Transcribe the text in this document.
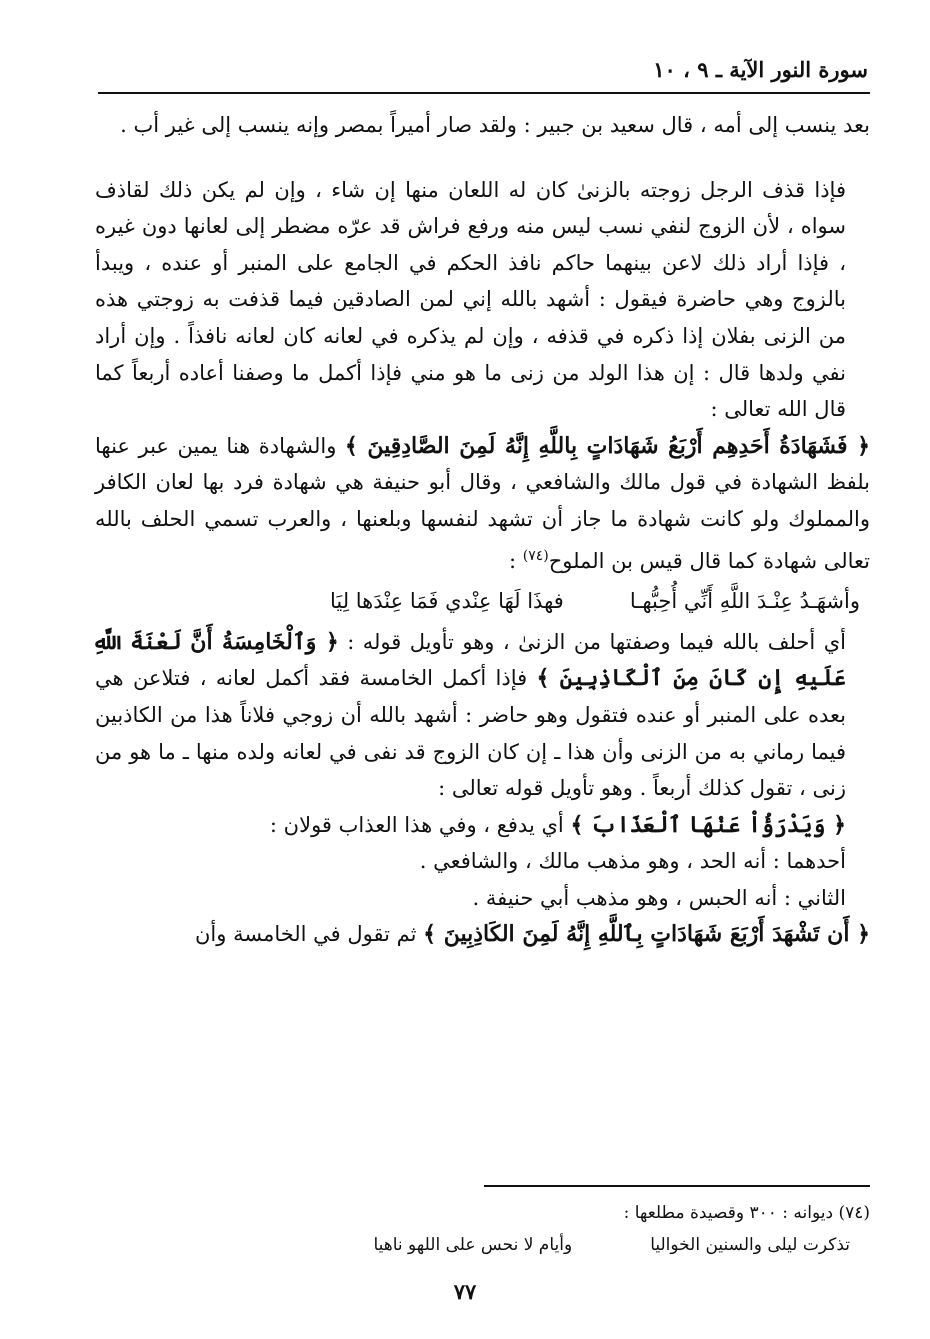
سورة النور الآية ـ ٩ ، ١٠

بعد ينسب إلى أمه ، قال سعيد بن جبير : ولقد صار أميراً بمصر وإنه ينسب إلى غير أب .

فإذا قذف الرجل زوجته بالزنىٰ كان له اللعان منها إن شاء ، وإن لم يكن ذلك لقاذف سواه ، لأن الزوج لنفي نسب ليس منه ورفع فراش قد عرّه مضطر إلى لعانها دون غيره ، فإذا أراد ذلك لاعن بينهما حاكم نافذ الحكم في الجامع على المنبر أو عنده ، ويبدأ بالزوج وهي حاضرة فيقول : أشهد بالله إني لمن الصادقين فيما قذفت به زوجتي هذه من الزنى بفلان إذا ذكره في قذفه ، وإن لم يذكره في لعانه كان لعانه نافذاً . وإن أراد نفي ولدها قال : إن هذا الولد من زنى ما هو مني فإذا أكمل ما وصفنا أعاده أربعاً كما قال الله تعالى :

﴿ فَشَهَادَةُ أَحَدِهِم أَرْبَعُ شَهَادَاتٍ بِاللَّهِ إِنَّهُ لَمِنَ الصَّادِقِينَ ﴾ والشهادة هنا يمين عبر عنها بلفظ الشهادة في قول مالك والشافعي ، وقال أبو حنيفة هي شهادة فرد بها لعان الكافر والمملوك ولو كانت شهادة ما جاز أن تشهد لنفسها وبلعنها ، والعرب تسمي الحلف بالله تعالى شهادة كما قال قيس بن الملوح$^{(٧٤)}$ :

وأشهَـدُ عِنْـدَ اللَّهِ أَنِّي أُحِبُّهـا
فهذَا لَهَا عِنْدي فَمَا عِنْدَها لِيَا

أي أحلف بالله فيما وصفتها من الزنىٰ ، وهو تأويل قوله : ﴿ وَٱلْخَامِسَةُ أَنَّ لَعْنَةَ اللَّهِ عَلَيهِ إِن كَانَ مِنَ ٱلْكَاذِبِينَ ﴾ فإذا أكمل الخامسة فقد أكمل لعانه ، فتلاعن هي بعده على المنبر أو عنده فتقول وهو حاضر : أشهد بالله أن زوجي فلاناً هذا من الكاذبين فيما رماني به من الزنى وأن هذا ـ إن كان الزوج قد نفى في لعانه ولده منها ـ ما هو من زنى ، تقول كذلك أربعاً . وهو تأويل قوله تعالى :

﴿ وَيَدْرَؤُاْ عَنْهَا ٱلْعَذَابَ ﴾ أي يدفع ، وفي هذا العذاب قولان :

أحدهما : أنه الحد ، وهو مذهب مالك ، والشافعي .

الثاني : أنه الحبس ، وهو مذهب أبي حنيفة .

﴿ أَن تَشْهَدَ أَرْبَعَ شَهَادَاتٍ بِٱللَّهِ إِنَّهُ لَمِنَ الكَاذِبِينَ ﴾ ثم تقول في الخامسة وأن

(٧٤) ديوانه : ٣٠٠ وقصيدة مطلعها :

تذكرت ليلى والسنين الخواليا
وأيام لا نحس على اللهو ناهيا
٧٧
